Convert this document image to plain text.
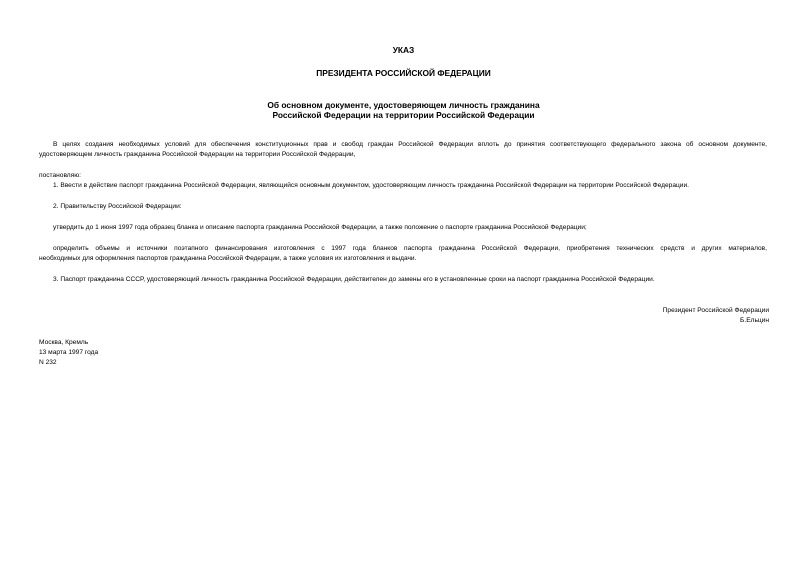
УКАЗ
ПРЕЗИДЕНТА РОССИЙСКОЙ ФЕДЕРАЦИИ
Об основном документе, удостоверяющем личность гражданина
Российской Федерации на территории Российской Федерации
В целях создания необходимых условий для обеспечения конституционных прав и свобод граждан Российской Федерации вплоть до принятия соответствующего федерального закона об основном документе,
удостоверяющем личность гражданина Российской Федерации на территории Российской Федерации,
постановляю:
1. Ввести в действие паспорт гражданина Российской Федерации, являющийся основным документом, удостоверяющим личность гражданина Российской Федерации на территории Российской Федерации.
2. Правительству Российской Федерации:
утвердить до 1 июня 1997 года образец бланка и описание паспорта гражданина Российской Федерации, а также положение о паспорте гражданина Российской Федерации;
определить объемы и источники поэтапного финансирования изготовления с 1997 года бланков паспорта гражданина Российской Федерации, приобретения технических средств и других материалов,
необходимых для оформления паспортов гражданина Российской Федерации, а также условия их изготовления и выдачи.
3. Паспорт гражданина СССР, удостоверяющий личность гражданина Российской Федерации, действителен до замены его в установленные сроки на паспорт гражданина Российской Федерации.
Президент Российской Федерации
Б.Ельцин
Москва, Кремль
13 марта 1997 года
N 232
